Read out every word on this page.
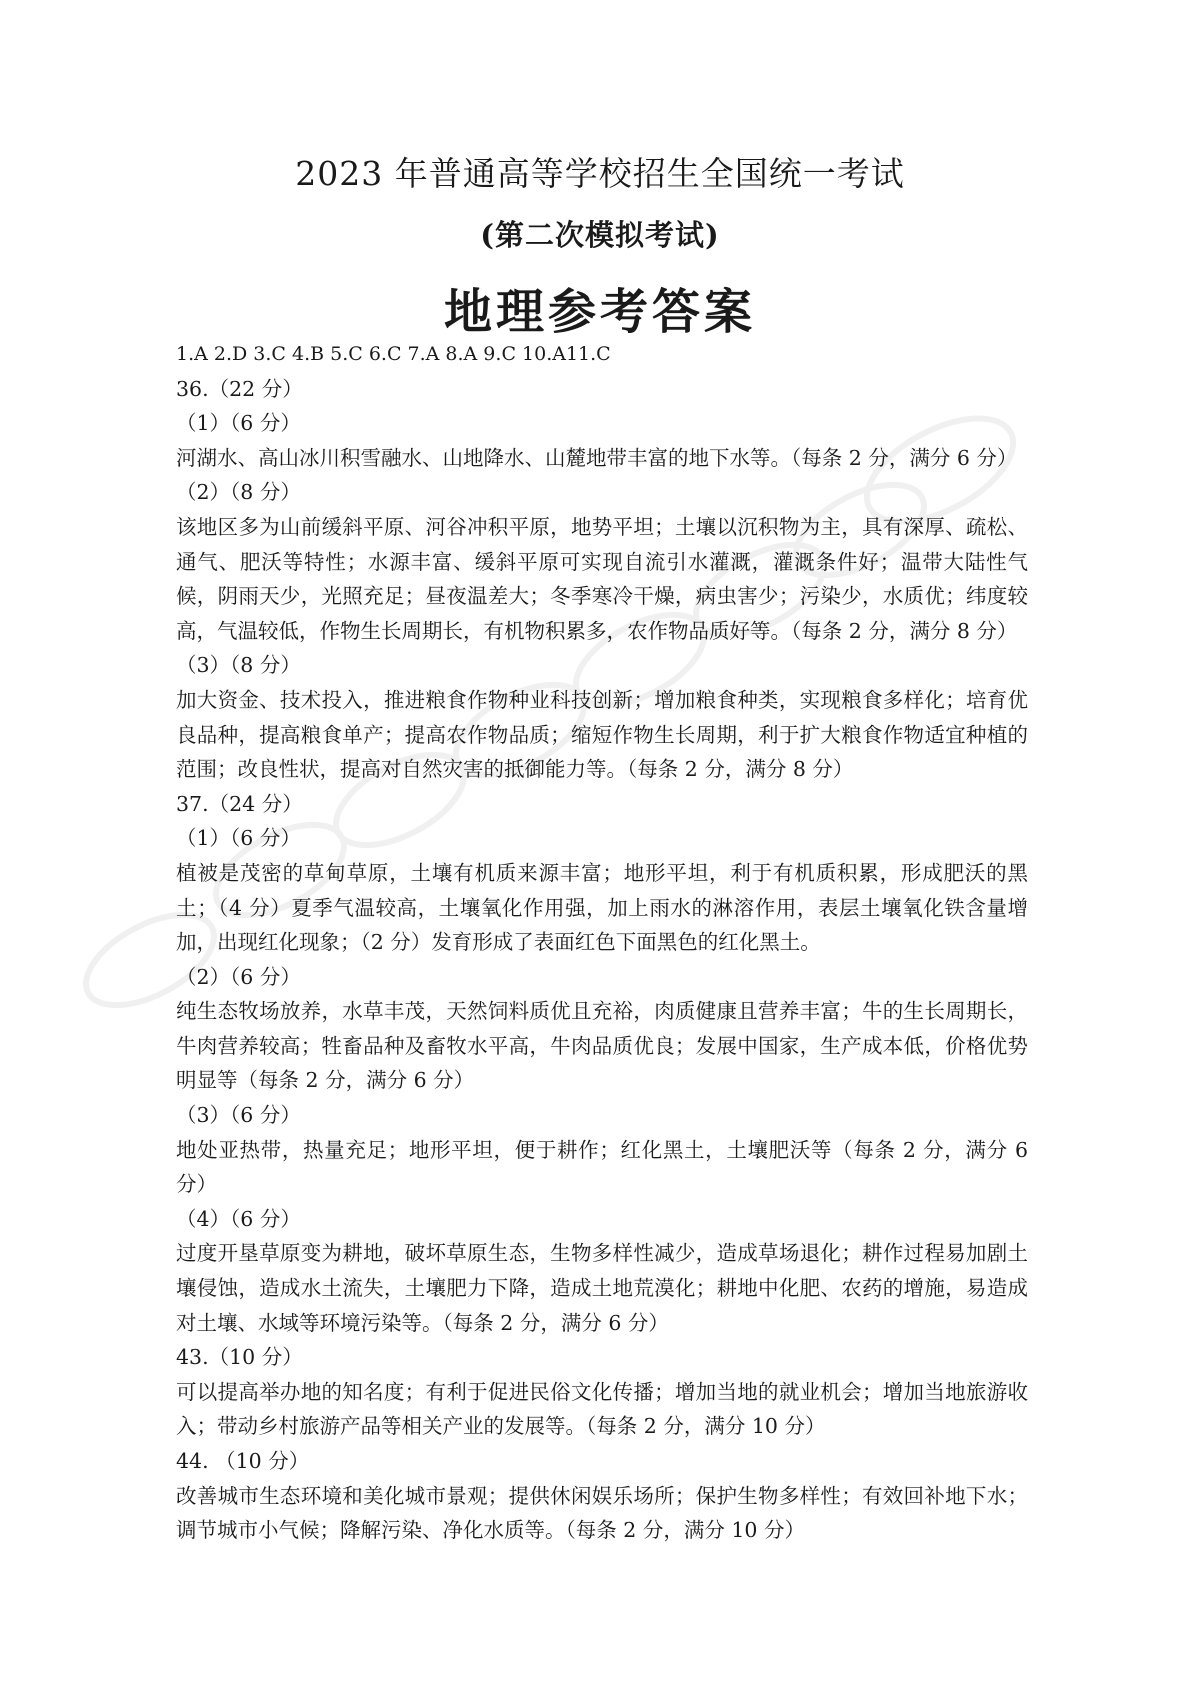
2023 年普通高等学校招生全国统一考试
(第二次模拟考试)
地理参考答案
1.A 2.D 3.C 4.B 5.C 6.C 7.A 8.A 9.C 10.A11.C
36.（22 分）
（1）（6 分）
河湖水、高山冰川积雪融水、山地降水、山麓地带丰富的地下水等。（每条 2 分，满分 6 分）
（2）（8 分）
该地区多为山前缓斜平原、河谷冲积平原，地势平坦；土壤以沉积物为主，具有深厚、疏松、通气、肥沃等特性；水源丰富、缓斜平原可实现自流引水灌溉，灌溉条件好；温带大陆性气候，阴雨天少，光照充足；昼夜温差大；冬季寒冷干燥，病虫害少；污染少，水质优；纬度较高，气温较低，作物生长周期长，有机物积累多，农作物品质好等。（每条 2 分，满分 8 分）
（3）（8 分）
加大资金、技术投入，推进粮食作物种业科技创新；增加粮食种类，实现粮食多样化；培育优良品种，提高粮食单产；提高农作物品质；缩短作物生长周期，利于扩大粮食作物适宜种植的范围；改良性状，提高对自然灾害的抵御能力等。（每条 2 分，满分 8 分）
37.（24 分）
（1）（6 分）
植被是茂密的草甸草原，土壤有机质来源丰富；地形平坦，利于有机质积累，形成肥沃的黑土；（4 分）夏季气温较高，土壤氧化作用强，加上雨水的淋溶作用，表层土壤氧化铁含量增加，出现红化现象；（2 分）发育形成了表面红色下面黑色的红化黑土。
（2）（6 分）
纯生态牧场放养，水草丰茂，天然饲料质优且充裕，肉质健康且营养丰富；牛的生长周期长，牛肉营养较高；牲畜品种及畜牧水平高，牛肉品质优良；发展中国家，生产成本低，价格优势明显等（每条 2 分，满分 6 分）
（3）（6 分）
地处亚热带，热量充足；地形平坦，便于耕作；红化黑土，土壤肥沃等（每条 2 分，满分 6 分）
（4）（6 分）
过度开垦草原变为耕地，破坏草原生态，生物多样性减少，造成草场退化；耕作过程易加剧土壤侵蚀，造成水土流失，土壤肥力下降，造成土地荒漠化；耕地中化肥、农药的增施，易造成对土壤、水域等环境污染等。（每条 2 分，满分 6 分）
43.（10 分）
可以提高举办地的知名度；有利于促进民俗文化传播；增加当地的就业机会；增加当地旅游收入；带动乡村旅游产品等相关产业的发展等。（每条 2 分，满分 10 分）
44. （10 分）
改善城市生态环境和美化城市景观；提供休闲娱乐场所；保护生物多样性；有效回补地下水；调节城市小气候；降解污染、净化水质等。（每条 2 分，满分 10 分）
